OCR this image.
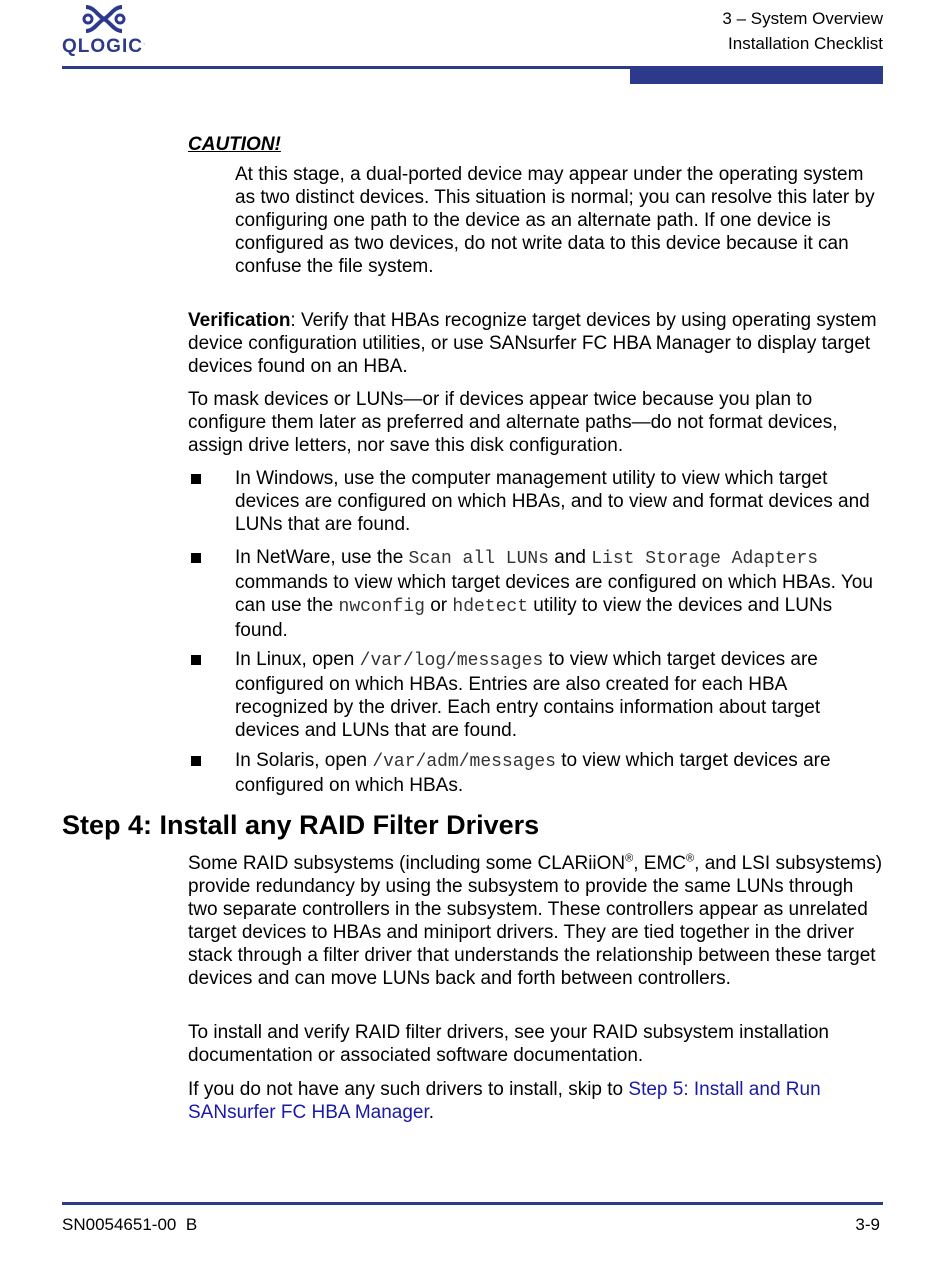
QLOGIC.
3 – System Overview
Installation Checklist
CAUTION!
At this stage, a dual-ported device may appear under the operating system as two distinct devices. This situation is normal; you can resolve this later by configuring one path to the device as an alternate path. If one device is configured as two devices, do not write data to this device because it can confuse the file system.

Verification: Verify that HBAs recognize target devices by using operating system device configuration utilities, or use SANsurfer FC HBA Manager to display target devices found on an HBA.

To mask devices or LUNs—or if devices appear twice because you plan to configure them later as preferred and alternate paths—do not format devices, assign drive letters, nor save this disk configuration.

In Windows, use the computer management utility to view which target devices are configured on which HBAs, and to view and format devices and LUNs that are found.
In NetWare, use the Scan all LUNs and List Storage Adapters commands to view which target devices are configured on which HBAs. You can use the nwconfig or hdetect utility to view the devices and LUNs found.
In Linux, open /var/log/messages to view which target devices are configured on which HBAs. Entries are also created for each HBA recognized by the driver. Each entry contains information about target devices and LUNs that are found.
In Solaris, open /var/adm/messages to view which target devices are configured on which HBAs.
Step 4: Install any RAID Filter Drivers

Some RAID subsystems (including some CLARiiON®, EMC®, and LSI subsystems) provide redundancy by using the subsystem to provide the same LUNs through two separate controllers in the subsystem. These controllers appear as unrelated target devices to HBAs and miniport drivers. They are tied together in the driver stack through a filter driver that understands the relationship between these target devices and can move LUNs back and forth between controllers.

To install and verify RAID filter drivers, see your RAID subsystem installation documentation or associated software documentation.

If you do not have any such drivers to install, skip to Step 5: Install and Run SANsurfer FC HBA Manager.

SN0054651-00  B	3-9
